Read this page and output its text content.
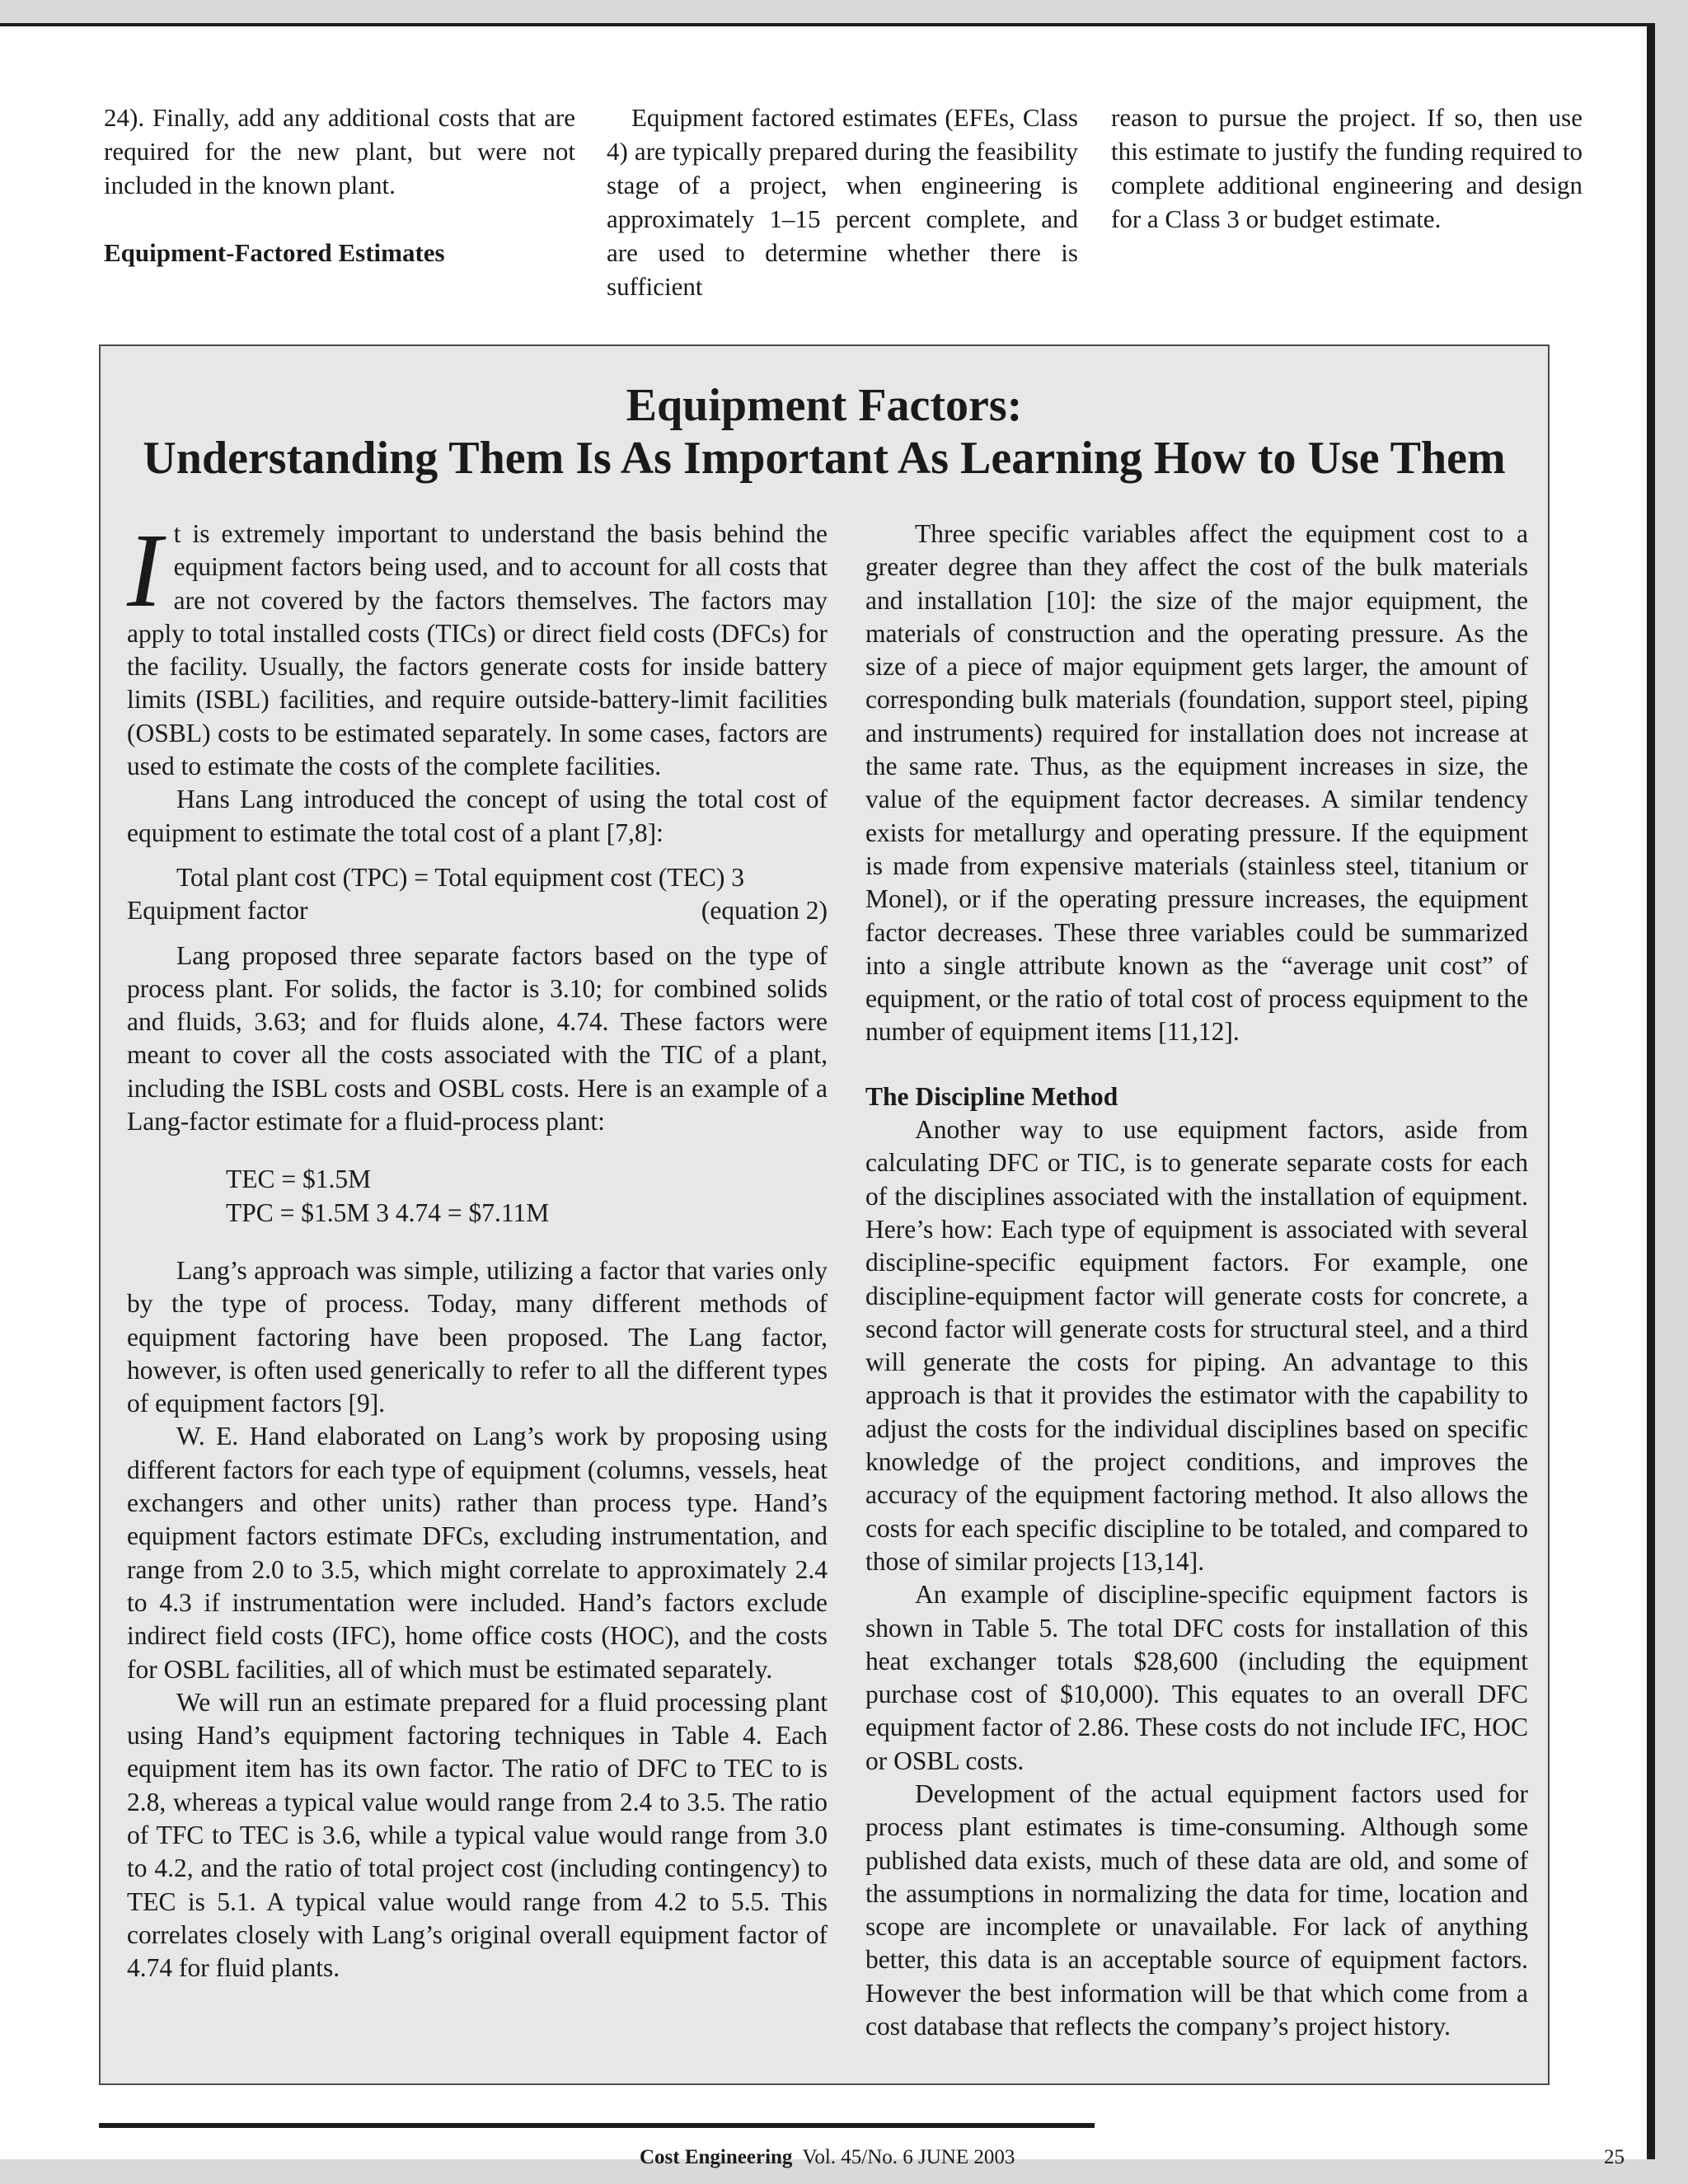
24). Finally, add any additional costs that are required for the new plant, but were not included in the known plant.

Equipment-Factored Estimates

Equipment factored estimates (EFEs, Class 4) are typically prepared during the feasibility stage of a project, when engineering is approximately 1–15 percent complete, and are used to determine whether there is sufficient

reason to pursue the project. If so, then use this estimate to justify the funding required to complete additional engineering and design for a Class 3 or budget estimate.

Equipment Factors:
Understanding Them Is As Important As Learning How to Use Them

It is extremely important to understand the basis behind the equipment factors being used, and to account for all costs that are not covered by the factors themselves. The factors may apply to total installed costs (TICs) or direct field costs (DFCs) for the facility. Usually, the factors generate costs for inside battery limits (ISBL) facilities, and require outside-battery-limit facilities (OSBL) costs to be estimated separately. In some cases, factors are used to estimate the costs of the complete facilities.

Hans Lang introduced the concept of using the total cost of equipment to estimate the total cost of a plant [7,8]:

Total plant cost (TPC) = Total equipment cost (TEC) 3
Equipment factor	(equation 2)

Lang proposed three separate factors based on the type of process plant. For solids, the factor is 3.10; for combined solids and fluids, 3.63; and for fluids alone, 4.74. These factors were meant to cover all the costs associated with the TIC of a plant, including the ISBL costs and OSBL costs. Here is an example of a Lang-factor estimate for a fluid-process plant:

TEC = $1.5M
TPC = $1.5M 3 4.74 = $7.11M

Lang’s approach was simple, utilizing a factor that varies only by the type of process. Today, many different methods of equipment factoring have been proposed. The Lang factor, however, is often used generically to refer to all the different types of equipment factors [9].

W. E. Hand elaborated on Lang’s work by proposing using different factors for each type of equipment (columns, vessels, heat exchangers and other units) rather than process type. Hand’s equipment factors estimate DFCs, excluding instrumentation, and range from 2.0 to 3.5, which might correlate to approximately 2.4 to 4.3 if instrumentation were included. Hand’s factors exclude indirect field costs (IFC), home office costs (HOC), and the costs for OSBL facilities, all of which must be estimated separately.

We will run an estimate prepared for a fluid processing plant using Hand’s equipment factoring techniques in Table 4. Each equipment item has its own factor. The ratio of DFC to TEC to is 2.8, whereas a typical value would range from 2.4 to 3.5. The ratio of TFC to TEC is 3.6, while a typical value would range from 3.0 to 4.2, and the ratio of total project cost (including contingency) to TEC is 5.1. A typical value would range from 4.2 to 5.5. This correlates closely with Lang’s original overall equipment factor of 4.74 for fluid plants.

Three specific variables affect the equipment cost to a greater degree than they affect the cost of the bulk materials and installation [10]: the size of the major equipment, the materials of construction and the operating pressure. As the size of a piece of major equipment gets larger, the amount of corresponding bulk materials (foundation, support steel, piping and instruments) required for installation does not increase at the same rate. Thus, as the equipment increases in size, the value of the equipment factor decreases. A similar tendency exists for metallurgy and operating pressure. If the equipment is made from expensive materials (stainless steel, titanium or Monel), or if the operating pressure increases, the equipment factor decreases. These three variables could be summarized into a single attribute known as the “average unit cost” of equipment, or the ratio of total cost of process equipment to the number of equipment items [11,12].

The Discipline Method

Another way to use equipment factors, aside from calculating DFC or TIC, is to generate separate costs for each of the disciplines associated with the installation of equipment. Here’s how: Each type of equipment is associated with several discipline-specific equipment factors. For example, one discipline-equipment factor will generate costs for concrete, a second factor will generate costs for structural steel, and a third will generate the costs for piping. An advantage to this approach is that it provides the estimator with the capability to adjust the costs for the individual disciplines based on specific knowledge of the project conditions, and improves the accuracy of the equipment factoring method. It also allows the costs for each specific discipline to be totaled, and compared to those of similar projects [13,14].

An example of discipline-specific equipment factors is shown in Table 5. The total DFC costs for installation of this heat exchanger totals $28,600 (including the equipment purchase cost of $10,000). This equates to an overall DFC equipment factor of 2.86. These costs do not include IFC, HOC or OSBL costs.

Development of the actual equipment factors used for process plant estimates is time-consuming. Although some published data exists, much of these data are old, and some of the assumptions in normalizing the data for time, location and scope are incomplete or unavailable. For lack of anything better, this data is an acceptable source of equipment factors. However the best information will be that which come from a cost database that reflects the company’s project history.

Cost Engineering Vol. 45/No. 6 JUNE 2003	25
